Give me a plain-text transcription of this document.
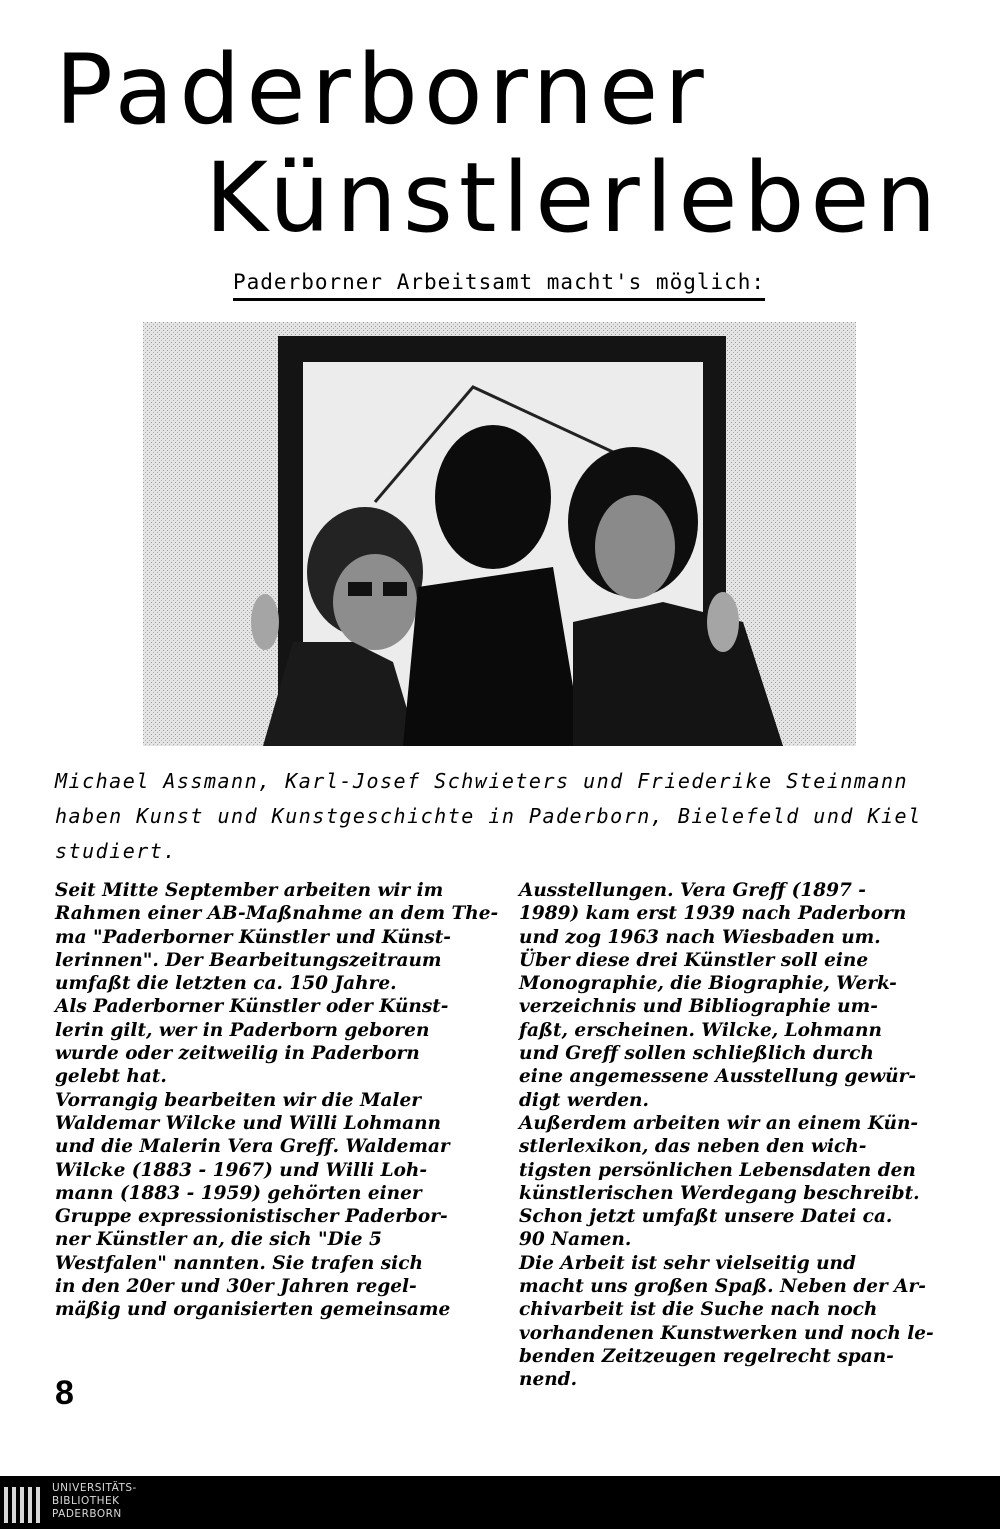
Paderborner
Künstlerleben
Paderborner Arbeitsamt macht's möglich:

Michael Assmann, Karl-Josef Schwieters und Friederike Steinmann

haben Kunst und Kunstgeschichte in Paderborn, Bielefeld und Kiel

studiert.

Seit Mitte September arbeiten wir im

Rahmen einer AB-Maßnahme an dem The-

ma "Paderborner Künstler und Künst-

lerinnen". Der Bearbeitungszeitraum

umfaßt die letzten ca. 150 Jahre.

Als Paderborner Künstler oder Künst-

lerin gilt, wer in Paderborn geboren

wurde oder zeitweilig in Paderborn

gelebt hat.

Vorrangig bearbeiten wir die Maler

Waldemar Wilcke und Willi Lohmann

und die Malerin Vera Greff. Waldemar

Wilcke (1883 - 1967) und Willi Loh-

mann (1883 - 1959) gehörten einer

Gruppe expressionistischer Paderbor-

ner Künstler an, die sich "Die 5

Westfalen" nannten. Sie trafen sich

in den 20er und 30er Jahren regel-

mäßig und organisierten gemeinsame

Ausstellungen. Vera Greff (1897 -

1989) kam erst 1939 nach Paderborn

und zog 1963 nach Wiesbaden um.

Über diese drei Künstler soll eine

Monographie, die Biographie, Werk-

verzeichnis und Bibliographie um-

faßt, erscheinen. Wilcke, Lohmann

und Greff sollen schließlich durch

eine angemessene Ausstellung gewür-

digt werden.

Außerdem arbeiten wir an einem Kün-

stlerlexikon, das neben den wich-

tigsten persönlichen Lebensdaten den

künstlerischen Werdegang beschreibt.

Schon jetzt umfaßt unsere Datei ca.

90 Namen.

Die Arbeit ist sehr vielseitig und

macht uns großen Spaß. Neben der Ar-

chivarbeit ist die Suche nach noch

vorhandenen Kunstwerken und noch le-

benden Zeitzeugen regelrecht span-

nend.

8
UNIVERSITÄTS-
BIBLIOTHEK
PADERBORN
